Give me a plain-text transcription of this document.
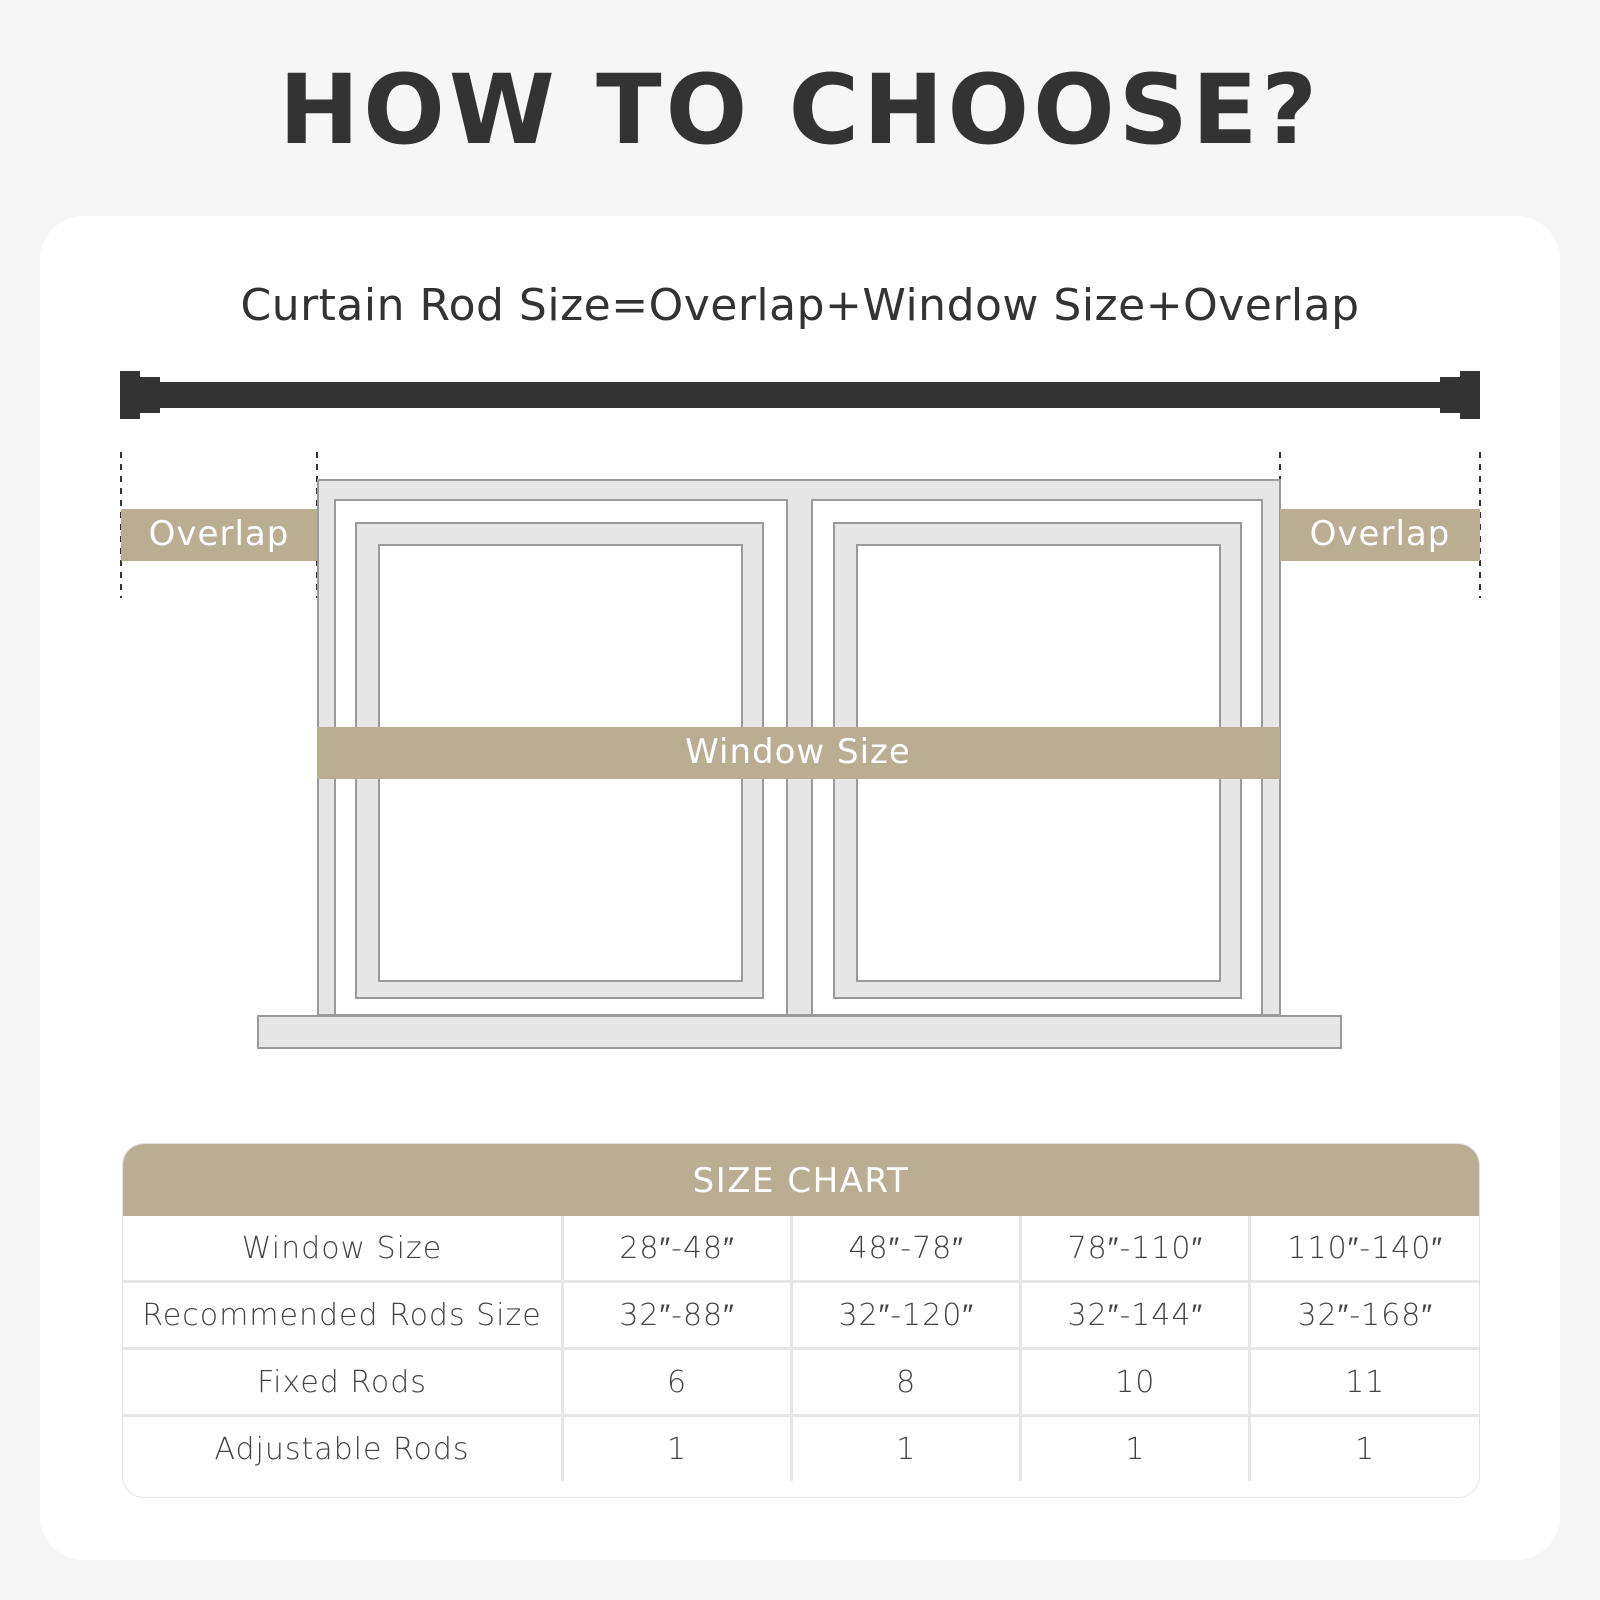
HOW TO CHOOSE?
Curtain Rod Size=Overlap+Window Size+Overlap
Overlap	Overlap
Window Size
SIZE CHART
Window Size	28″-48″	48″-78″	78″-110″	110″-140″
Recommended Rods Size	32″-88″	32″-120″	32″-144″	32″-168″
Fixed Rods	6	8	10	11
Adjustable Rods	1	1	1	1
